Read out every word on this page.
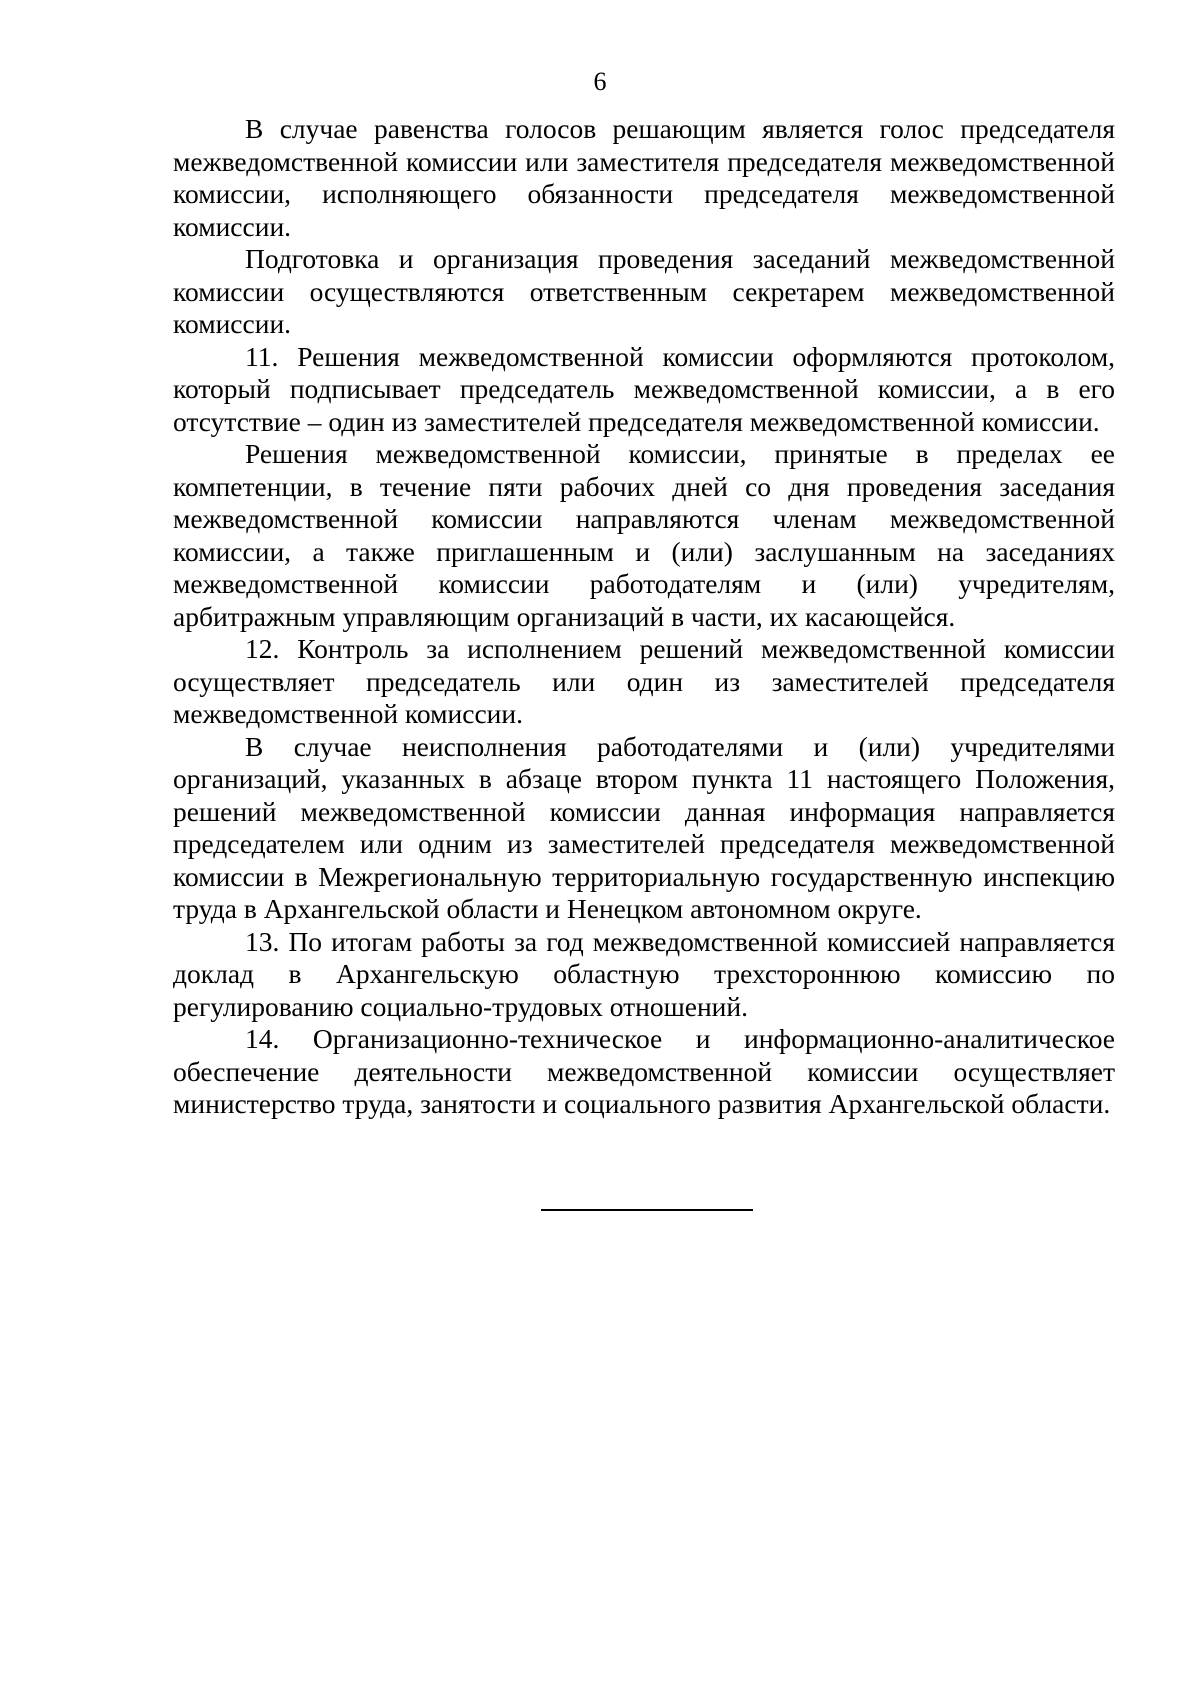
6

В случае равенства голосов решающим является голос председателя межведомственной комиссии или заместителя председателя межведомственной комиссии, исполняющего обязанности председателя межведомственной комиссии.

Подготовка и организация проведения заседаний межведомственной комиссии осуществляются ответственным секретарем межведомственной комиссии.

11. Решения межведомственной комиссии оформляются протоколом, который подписывает председатель межведомственной комиссии, а в его отсутствие – один из заместителей председателя межведомственной комиссии.

Решения межведомственной комиссии, принятые в пределах ее компетенции, в течение пяти рабочих дней со дня проведения заседания межведомственной комиссии направляются членам межведомственной комиссии, а также приглашенным и (или) заслушанным на заседаниях межведомственной комиссии работодателям и (или) учредителям, арбитражным управляющим организаций в части, их касающейся.

12. Контроль за исполнением решений межведомственной комиссии осуществляет председатель или один из заместителей председателя межведомственной комиссии.

В случае неисполнения работодателями и (или) учредителями организаций, указанных в абзаце втором пункта 11 настоящего Положения, решений межведомственной комиссии данная информация направляется председателем или одним из заместителей председателя межведомственной комиссии в Межрегиональную территориальную государственную инспекцию труда в Архангельской области и Ненецком автономном округе.

13. По итогам работы за год межведомственной комиссией направляется доклад в Архангельскую областную трехстороннюю комиссию по регулированию социально-трудовых отношений.

14. Организационно-техническое и информационно-аналитическое обеспечение деятельности межведомственной комиссии осуществляет министерство труда, занятости и социального развития Архангельской области.
